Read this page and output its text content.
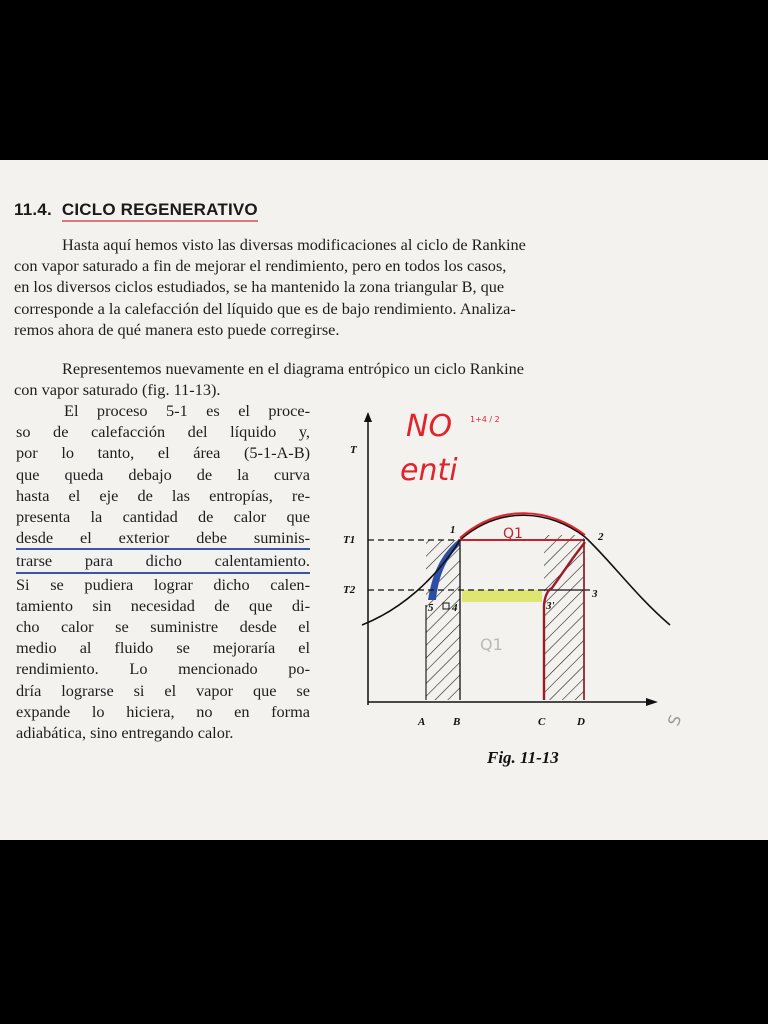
11.4. CICLO REGENERATIVO
Hasta aquí hemos visto las diversas modificaciones al ciclo de Rankine
con vapor saturado a fin de mejorar el rendimiento, pero en todos los casos,
en los diversos ciclos estudiados, se ha mantenido la zona triangular B, que
corresponde a la calefacción del líquido que es de bajo rendimiento. Analiza-
remos ahora de qué manera esto puede corregirse.
Representemos nuevamente en el diagrama entrópico un ciclo Rankine
con vapor saturado (fig. 11-13).
El proceso 5-1 es el proce-
so de calefacción del líquido y,
por lo tanto, el área (5-1-A-B)
que queda debajo de la curva
hasta el eje de las entropías, re-
presenta la cantidad de calor que
desde el exterior debe suminis-
trarse para dicho calentamiento.
Si se pudiera lograr dicho calen-
tamiento sin necesidad de que di-
cho calor se suministre desde el
medio al fluido se mejoraría el
rendimiento. Lo mencionado po-
dría lograrse si el vapor que se
expande lo hiciera, no en forma
adiabática, sino entregando calor.
T
T1
T2
S
1
2
3
3'
5 4
A	B	C	D
NO 1+4 / 2
enti
Q1
Q1
Fig. 11-13
